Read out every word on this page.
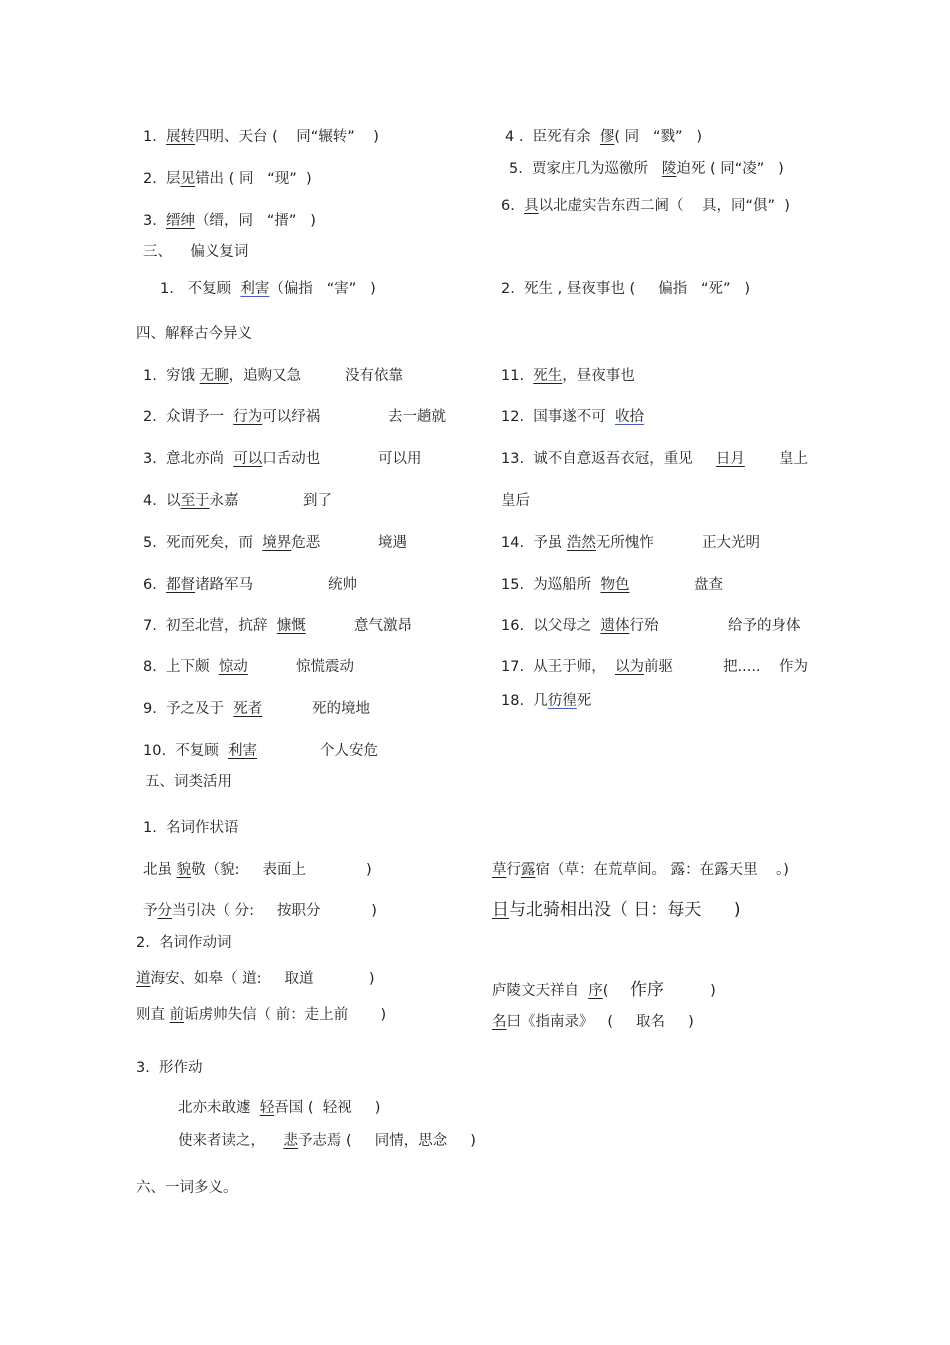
1.  展转四明、天台 (    同“辗转”    )
2.  层见错出 ( 同   “现”  )
3.  缙绅（缙，同   “搢”   )
4 .  臣死有余  僇( 同   “戮”   )
5.  贾家庄几为巡徼所   陵迫死 ( 同“凌”   )
6.  具以北虚实告东西二阃（    具，同“俱”  )
三、    偏义复词
1.   不复顾  利害（偏指   “害”   )	2.  死生 , 昼夜事也 (     偏指   “死”   )
四、解释古今异义
1.  穷饿 无聊，追购又急	没有依靠
2.  众谓予一  行为可以纾祸	去一趟就
3.  意北亦尚  可以口舌动也	可以用
4.  以至于永嘉	到了
5.  死而死矣，而  境界危恶	境遇
6.  都督诸路军马	统帅
7.  初至北营，抗辞  慷慨	意气激昂
8.  上下颇  惊动	惊慌震动
9.  予之及于  死者	死的境地
10.  不复顾  利害	个人安危
11.  死生，昼夜事也
12.  国事遂不可  收拾
13.  诚不自意返吾衣冠，重见     日月 皇上
皇后
14.  予虽 浩然无所愧怍	正大光明
15.  为巡船所  物色	盘查
16.  以父母之  遗体行殆	给予的身体
17.  从王于师，  以为前驱	把.....    作为
18.  几彷徨死
五、词类活用
1.  名词作状语
北虽 貌敬（貌:     表面上             )
予分当引决（ 分:     按职分           )
草行露宿（草：在荒草间。 露：在露天里    。)
日与北骑相出没（ 日：每天      )
2.  名词作动词
道海安、如皋（ 道:     取道            )
则直 前诟虏帅失信（ 前：走上前       )
庐陵文天祥自  序(    作序          )
名曰《指南录》   (     取名     )
3.  形作动
北亦未敢遽  轻吾国 (  轻视     )
使来者读之，    悲予志焉 (     同情，思念     )
六、一词多义。
